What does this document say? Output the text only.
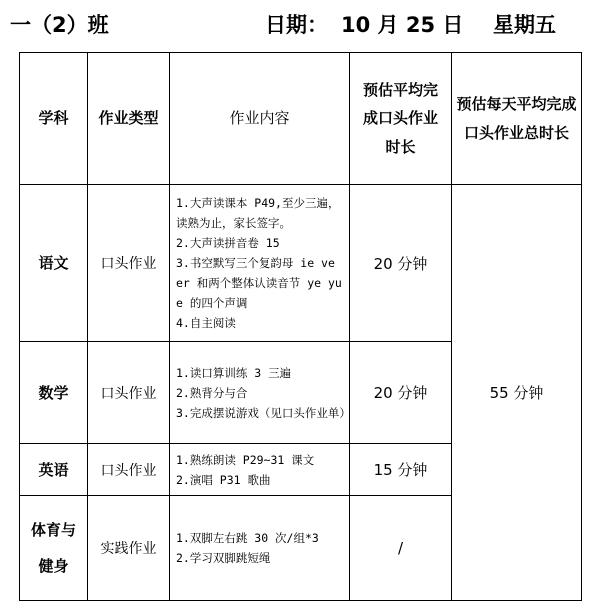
一（2）班	日期： 10 月 25 日 星期五
学科	作业类型	作业内容	预估平均完成口头作业时长	预估每天平均完成口头作业总时长
语文	口头作业	1.大声读课本 P49,至少三遍，读熟为止，家长签字。
2.大声读拼音卷 15
3.书空默写三个复韵母 ie ve er 和两个整体认读音节 ye yue 的四个声调
4.自主阅读	20 分钟	55 分钟
数学	口头作业	1.读口算训练 3 三遍
2.熟背分与合
3.完成摆说游戏（见口头作业单）	20 分钟	
英语	口头作业	1.熟练朗读 P29~31 课文
2.演唱 P31 歌曲	15 分钟	
体育与健身	实践作业	1.双脚左右跳 30 次/组*3
2.学习双脚跳短绳	/	
